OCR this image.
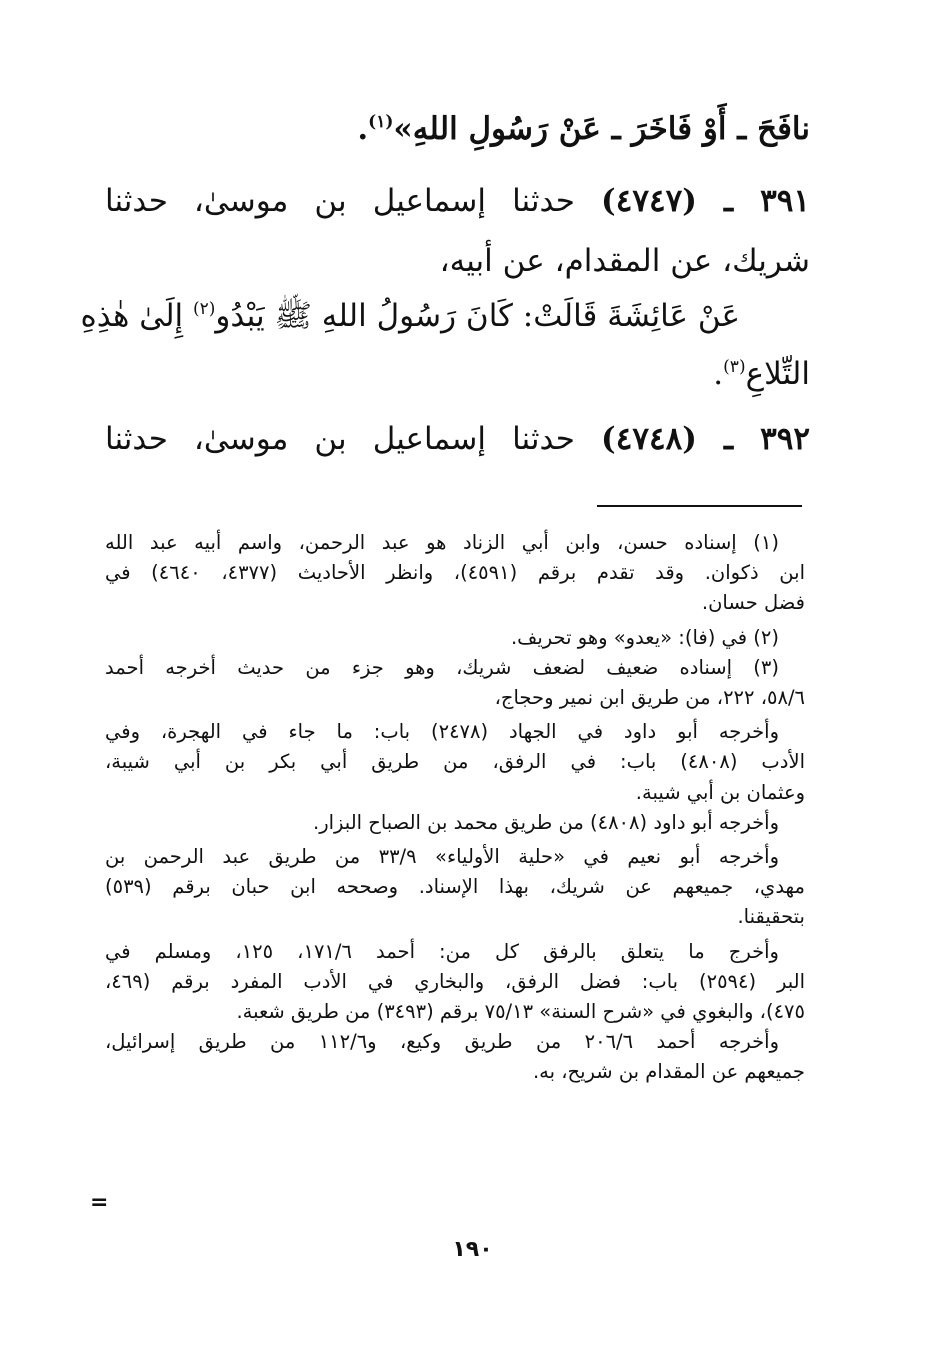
نافَحَ ـ أَوْ فَاخَرَ ـ عَنْ رَسُولِ اللهِ»$^{(١)}$.
٣٩١ ـ (٤٧٤٧) حدثنا إسماعيل بن موسىٰ، حدثنا
شريك، عن المقدام، عن أبيه،
عَنْ عَائِشَةَ قَالَتْ: كَانَ رَسُولُ اللهِ ﷺ يَبْدُو$^{(٢)}$ إِلَىٰ هٰذِهِ
التِّلاعِ$^{(٣)}$.
٣٩٢ ـ (٤٧٤٨) حدثنا إسماعيل بن موسىٰ، حدثنا
(١) إسناده حسن، وابن أبي الزناد هو عبد الرحمن، واسم أبيه عبد الله
ابن ذكوان. وقد تقدم برقم (٤٥٩١)، وانظر الأحاديث (٤٣٧٧، ٤٦٤٠) في
فضل حسان.
(٢) في (فا): «يعدو» وهو تحريف.
(٣) إسناده ضعيف لضعف شريك، وهو جزء من حديث أخرجه أحمد
٥٨/٦، ٢٢٢، من طريق ابن نمير وحجاج،
وأخرجه أبو داود في الجهاد (٢٤٧٨) باب: ما جاء في الهجرة، وفي
الأدب (٤٨٠٨) باب: في الرفق، من طريق أبي بكر بن أبي شيبة،
وعثمان بن أبي شيبة.
وأخرجه أبو داود (٤٨٠٨) من طريق محمد بن الصباح البزار.
وأخرجه أبو نعيم في «حلية الأولياء» ٣٣/٩ من طريق عبد الرحمن بن
مهدي، جميعهم عن شريك، بهذا الإسناد. وصححه ابن حبان برقم (٥٣٩)
بتحقيقنا.
وأخرج ما يتعلق بالرفق كل من: أحمد ١٧١/٦، ١٢٥، ومسلم في
البر (٢٥٩٤) باب: فضل الرفق، والبخاري في الأدب المفرد برقم (٤٦٩،
٤٧٥)، والبغوي في «شرح السنة» ٧٥/١٣ برقم (٣٤٩٣) من طريق شعبة.
وأخرجه أحمد ٢٠٦/٦ من طريق وكيع، و١١٢/٦ من طريق إسرائيل،
جميعهم عن المقدام بن شريح، به.
=
١٩٠
